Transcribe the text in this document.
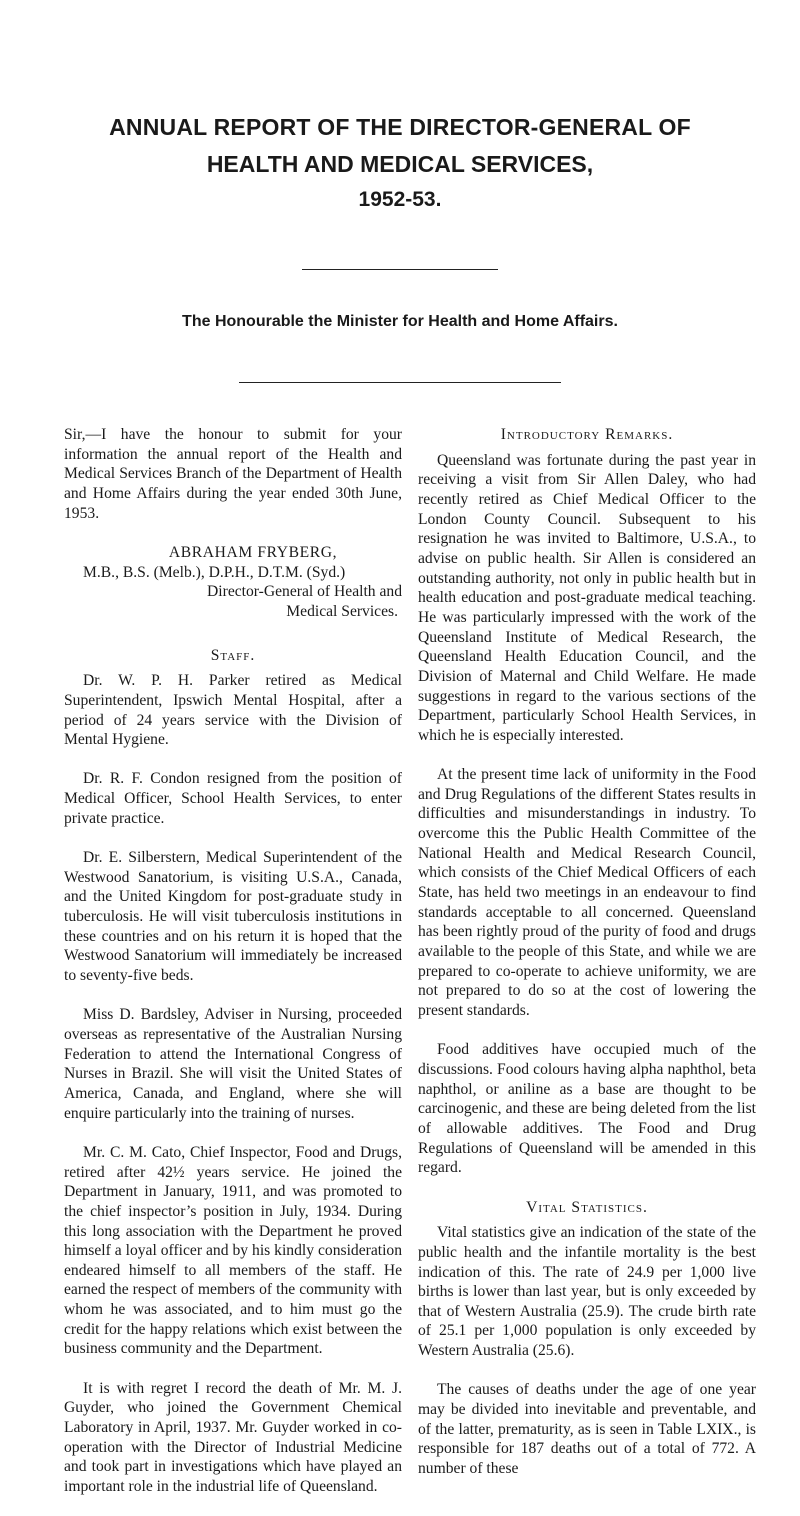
ANNUAL REPORT OF THE DIRECTOR-GENERAL OF
HEALTH AND MEDICAL SERVICES,
1952-53.
The Honourable the Minister for Health and Home Affairs.

Sir,—I have the honour to submit for your information the annual report of the Health and Medical Services Branch of the Department of Health and Home Affairs during the year ended 30th June, 1953.

ABRAHAM FRYBERG,
M.B., B.S. (Melb.), D.P.H., D.T.M. (Syd.)
Director-General of Health and
Medical Services.
Staff.

Dr. W. P. H. Parker retired as Medical Superintendent, Ipswich Mental Hospital, after a period of 24 years service with the Division of Mental Hygiene.

Dr. R. F. Condon resigned from the position of Medical Officer, School Health Services, to enter private practice.

Dr. E. Silberstern, Medical Superintendent of the Westwood Sanatorium, is visiting U.S.A., Canada, and the United Kingdom for post-graduate study in tuberculosis. He will visit tuberculosis institutions in these countries and on his return it is hoped that the Westwood Sanatorium will immediately be increased to seventy-five beds.

Miss D. Bardsley, Adviser in Nursing, proceeded overseas as representative of the Australian Nursing Federation to attend the International Congress of Nurses in Brazil. She will visit the United States of America, Canada, and England, where she will enquire particularly into the training of nurses.

Mr. C. M. Cato, Chief Inspector, Food and Drugs, retired after 42½ years service. He joined the Department in January, 1911, and was promoted to the chief inspector’s position in July, 1934. During this long association with the Department he proved himself a loyal officer and by his kindly consideration endeared himself to all members of the staff. He earned the respect of members of the community with whom he was associated, and to him must go the credit for the happy relations which exist between the business community and the Department.

It is with regret I record the death of Mr. M. J. Guyder, who joined the Government Chemical Laboratory in April, 1937. Mr. Guyder worked in co-operation with the Director of Industrial Medicine and took part in investigations which have played an important role in the industrial life of Queensland.

Introductory Remarks.

Queensland was fortunate during the past year in receiving a visit from Sir Allen Daley, who had recently retired as Chief Medical Officer to the London County Council. Subsequent to his resignation he was invited to Baltimore, U.S.A., to advise on public health. Sir Allen is considered an outstanding authority, not only in public health but in health education and post-graduate medical teaching. He was particularly impressed with the work of the Queensland Institute of Medical Research, the Queensland Health Education Council, and the Division of Maternal and Child Welfare. He made suggestions in regard to the various sections of the Department, particularly School Health Services, in which he is especially interested.

At the present time lack of uniformity in the Food and Drug Regulations of the different States results in difficulties and misunderstandings in industry. To overcome this the Public Health Committee of the National Health and Medical Research Council, which consists of the Chief Medical Officers of each State, has held two meetings in an endeavour to find standards acceptable to all concerned. Queensland has been rightly proud of the purity of food and drugs available to the people of this State, and while we are prepared to co-operate to achieve uniformity, we are not prepared to do so at the cost of lowering the present standards.

Food additives have occupied much of the discussions. Food colours having alpha naphthol, beta naphthol, or aniline as a base are thought to be carcinogenic, and these are being deleted from the list of allowable additives. The Food and Drug Regulations of Queensland will be amended in this regard.

Vital Statistics.

Vital statistics give an indication of the state of the public health and the infantile mortality is the best indication of this. The rate of 24.9 per 1,000 live births is lower than last year, but is only exceeded by that of Western Australia (25.9). The crude birth rate of 25.1 per 1,000 population is only exceeded by Western Australia (25.6).

The causes of deaths under the age of one year may be divided into inevitable and preventable, and of the latter, prematurity, as is seen in Table LXIX., is responsible for 187 deaths out of a total of 772. A number of these
